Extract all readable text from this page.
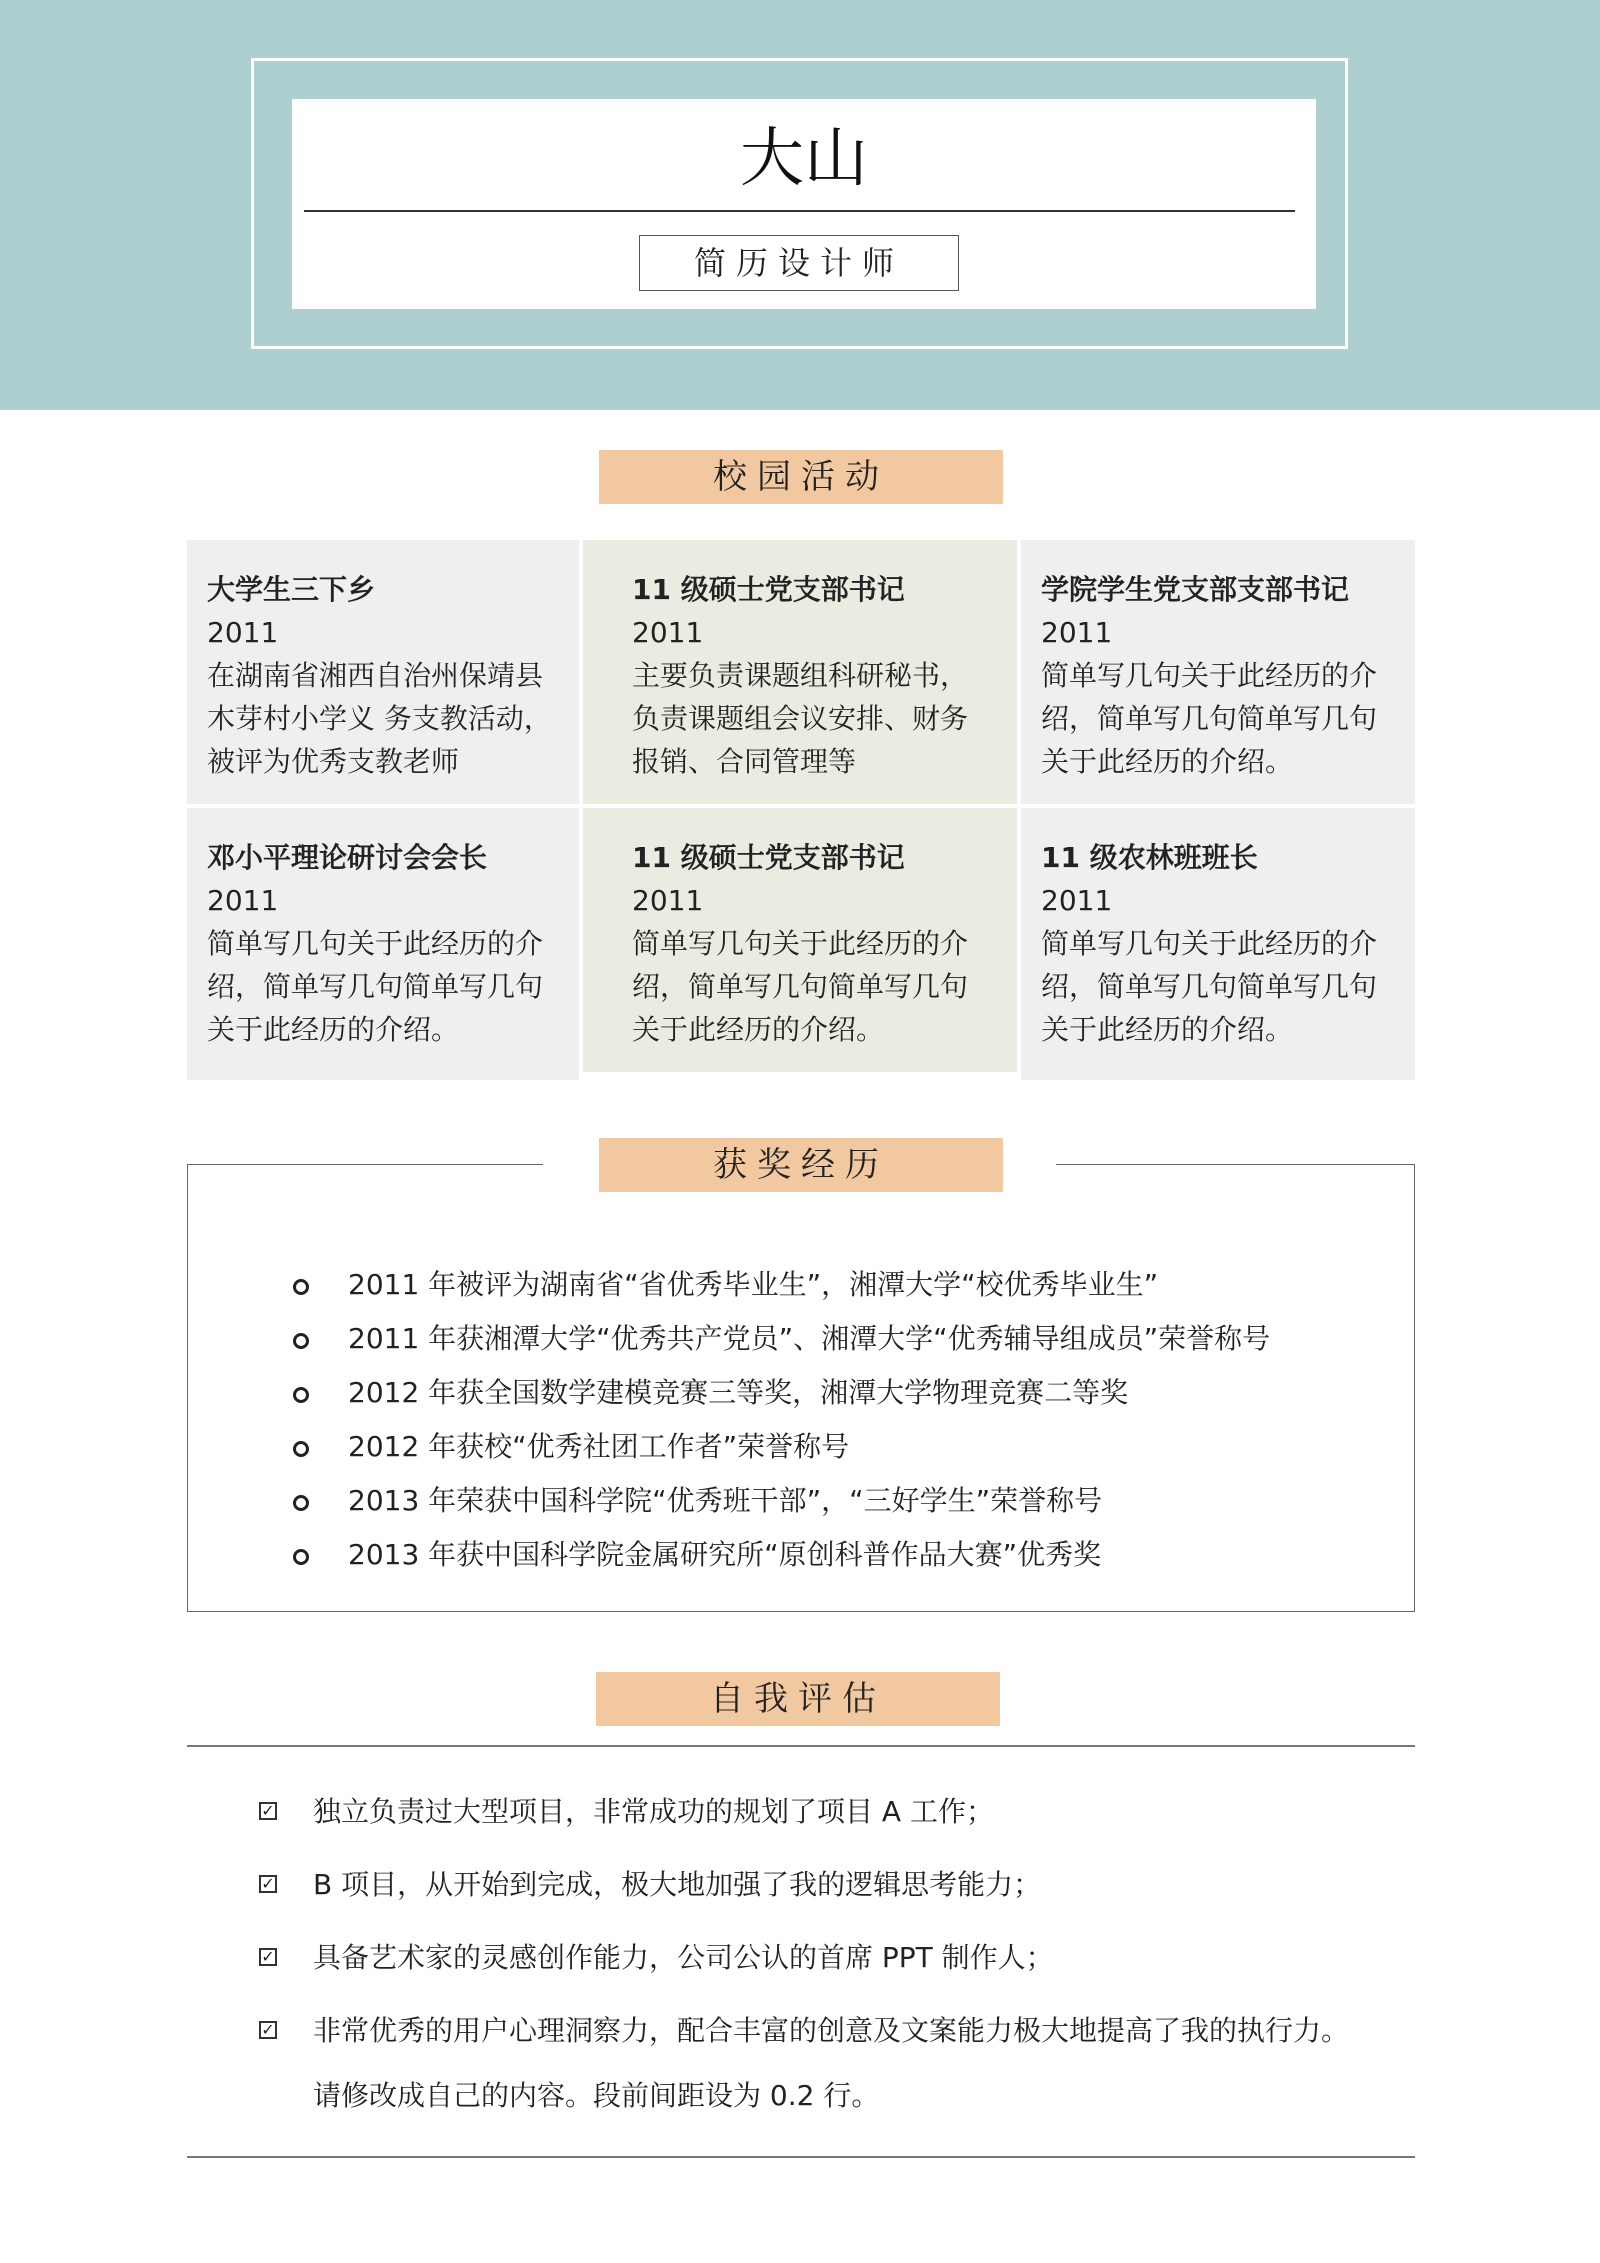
大山
简历设计师
校园活动
大学生三下乡
2011
在湖南省湘西自治州保靖县
木芽村小学义 务支教活动，
被评为优秀支教老师
11 级硕士党支部书记
2011
主要负责课题组科研秘书，
负责课题组会议安排、财务
报销、合同管理等
学院学生党支部支部书记
2011
简单写几句关于此经历的介
绍，简单写几句简单写几句
关于此经历的介绍。
邓小平理论研讨会会长
2011
简单写几句关于此经历的介
绍，简单写几句简单写几句
关于此经历的介绍。
11 级硕士党支部书记
2011
简单写几句关于此经历的介
绍，简单写几句简单写几句
关于此经历的介绍。
11 级农林班班长
2011
简单写几句关于此经历的介
绍，简单写几句简单写几句
关于此经历的介绍。
获奖经历
2011 年被评为湖南省“省优秀毕业生”，湘潭大学“校优秀毕业生”
2011 年获湘潭大学“优秀共产党员”、湘潭大学“优秀辅导组成员”荣誉称号
2012 年获全国数学建模竞赛三等奖，湘潭大学物理竞赛二等奖
2012 年获校“优秀社团工作者”荣誉称号
2013 年荣获中国科学院“优秀班干部”，“三好学生”荣誉称号
2013 年获中国科学院金属研究所“原创科普作品大赛”优秀奖
自我评估
✓ 独立负责过大型项目，非常成功的规划了项目 A 工作；
✓ B 项目，从开始到完成，极大地加强了我的逻辑思考能力；
✓ 具备艺术家的灵感创作能力，公司公认的首席 PPT 制作人；
✓ 非常优秀的用户心理洞察力，配合丰富的创意及文案能力极大地提高了我的执行力。
请修改成自己的内容。段前间距设为 0.2 行。
